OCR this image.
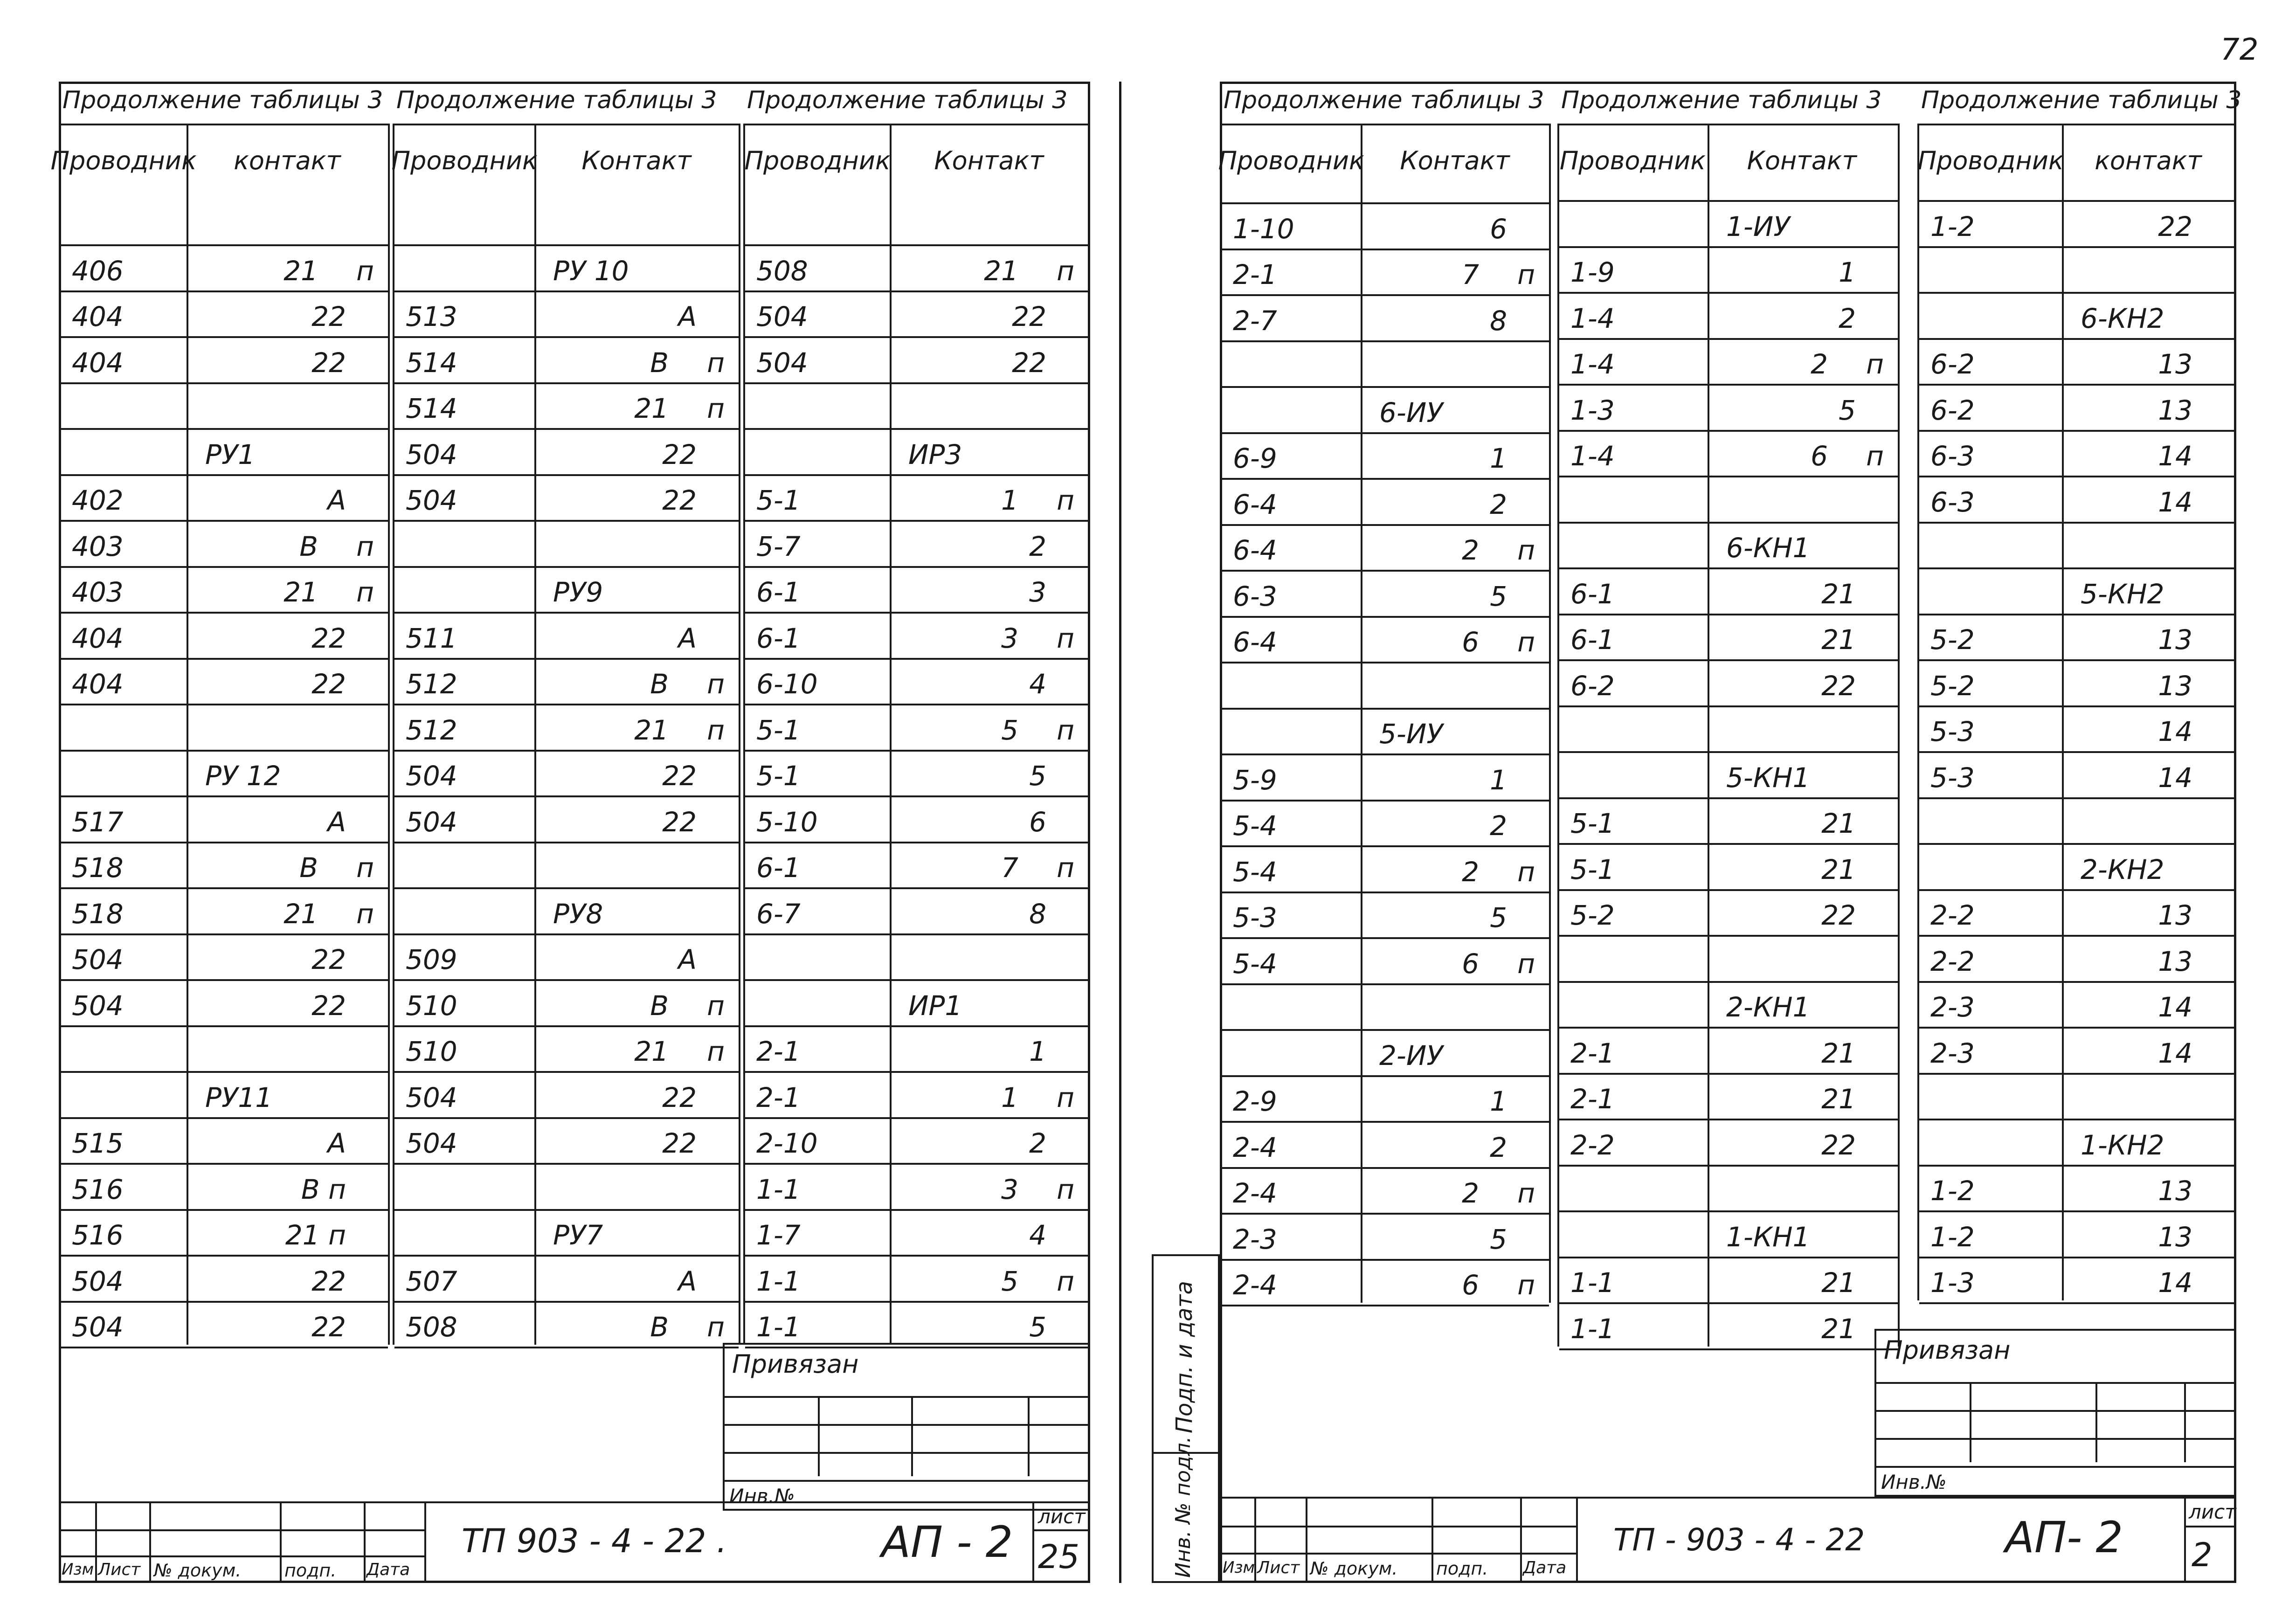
72
Продолжение таблицы 3
Проводник	контакт
406	21 п
404	22
404	22
РУ1
402	А
403	В п
403	21 п
404	22
404	22
РУ 12
517	А
518	В п
518	21 п
504	22
504	22
РУ11
515	А
516	В п
516	21 п
504	22
504	22
Продолжение таблицы 3
Проводник	Контакт
РУ 10
513	А
514	В п
514	21 п
504	22
504	22
РУ9
511	А
512	В п
512	21 п
504	22
504	22
РУ8
509	А
510	В п
510	21 п
504	22
504	22
РУ7
507	А
508	В п
Продолжение таблицы 3
Проводник	Контакт
508	21 п
504	22
504	22
ИР3
5-1	1 п
5-7	2
6-1	3
6-1	3 п
6-10	4
5-1	5 п
5-1	5
5-10	6
6-1	7 п
6-7	8
ИР1
2-1	1
2-1	1 п
2-10	2
1-1	3 п
1-7	4
1-1	5 п
1-1	5
Продолжение таблицы 3
Проводник	Контакт
1-10	6
2-1	7 п
2-7	8
6-ИУ
6-9	1
6-4	2
6-4	2 п
6-3	5
6-4	6 п
5-ИУ
5-9	1
5-4	2
5-4	2 п
5-3	5
5-4	6 п
2-ИУ
2-9	1
2-4	2
2-4	2 п
2-3	5
2-4	6 п
Продолжение таблицы 3
Проводник	Контакт
1-ИУ
1-9	1
1-4	2
1-4	2 п
1-3	5
1-4	6 п
6-КН1
6-1	21
6-1	21
6-2	22
5-КН1
5-1	21
5-1	21
5-2	22
2-КН1
2-1	21
2-1	21
2-2	22
1-КН1
1-1	21
1-1	21
Продолжение таблицы 3
Проводник	контакт
1-2	22
6-КН2
6-2	13
6-2	13
6-3	14
6-3	14
5-КН2
5-2	13
5-2	13
5-3	14
5-3	14
2-КН2
2-2	13
2-2	13
2-3	14
2-3	14
1-КН2
1-2	13
1-2	13
1-3	14
Привязан
Инв.№
Изм Лист № докум. подп. Дата
ТП 903 - 4 - 22 .	АП - 2
лист
25
Подп. и дата
Инв. № подл.
Привязан
Инв.№
Изм Лист № докум. подп. Дата
ТП - 903 - 4 - 22	АП- 2
лист
2
